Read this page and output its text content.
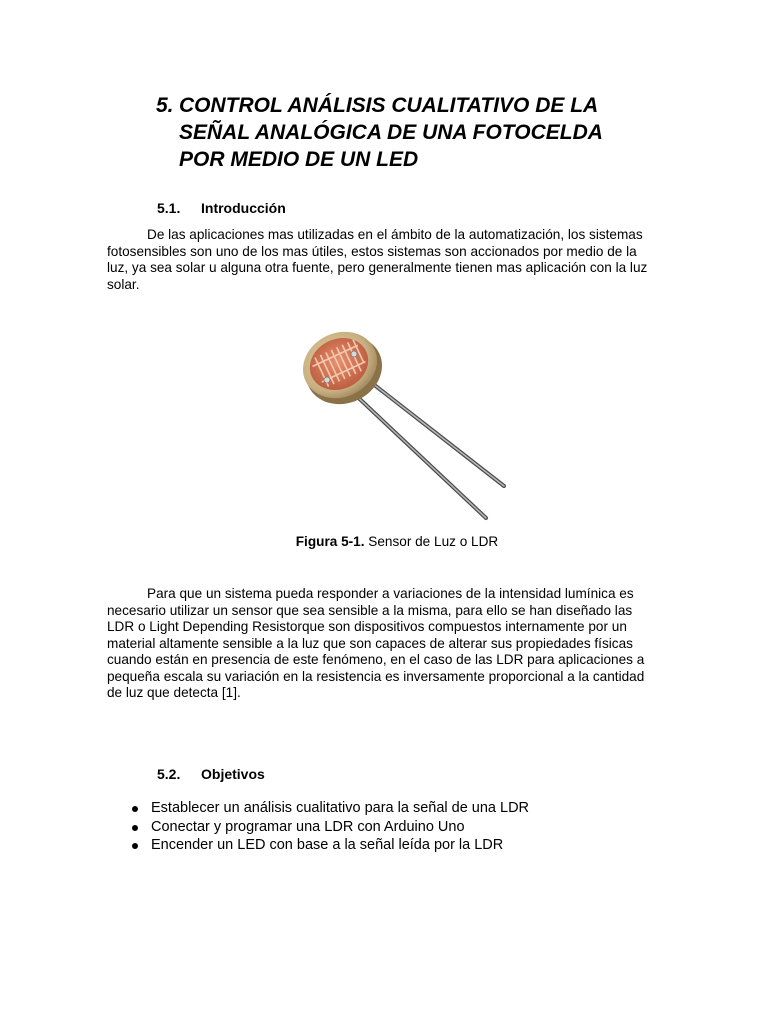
5. CONTROL ANÁLISIS CUALITATIVO DE LA
SEÑAL ANALÓGICA DE UNA FOTOCELDA
POR MEDIO DE UN LED
5.1. Introducción
De las aplicaciones mas utilizadas en el ámbito de la automatización, los sistemas
fotosensibles son uno de los mas útiles, estos sistemas son accionados por medio de la
luz, ya sea solar u alguna otra fuente, pero generalmente tienen mas aplicación con la luz
solar.
Figura 5-1. Sensor de Luz o LDR
Para que un sistema pueda responder a variaciones de la intensidad lumínica es
necesario utilizar un sensor que sea sensible a la misma, para ello se han diseñado las
LDR o Light Depending Resistorque son dispositivos compuestos internamente por un
material altamente sensible a la luz que son capaces de alterar sus propiedades físicas
cuando están en presencia de este fenómeno, en el caso de las LDR para aplicaciones a
pequeña escala su variación en la resistencia es inversamente proporcional a la cantidad
de luz que detecta [1].
5.2. Objetivos
Establecer un análisis cualitativo para la señal de una LDR
Conectar y programar una LDR con Arduino Uno
Encender un LED con base a la señal leída por la LDR
